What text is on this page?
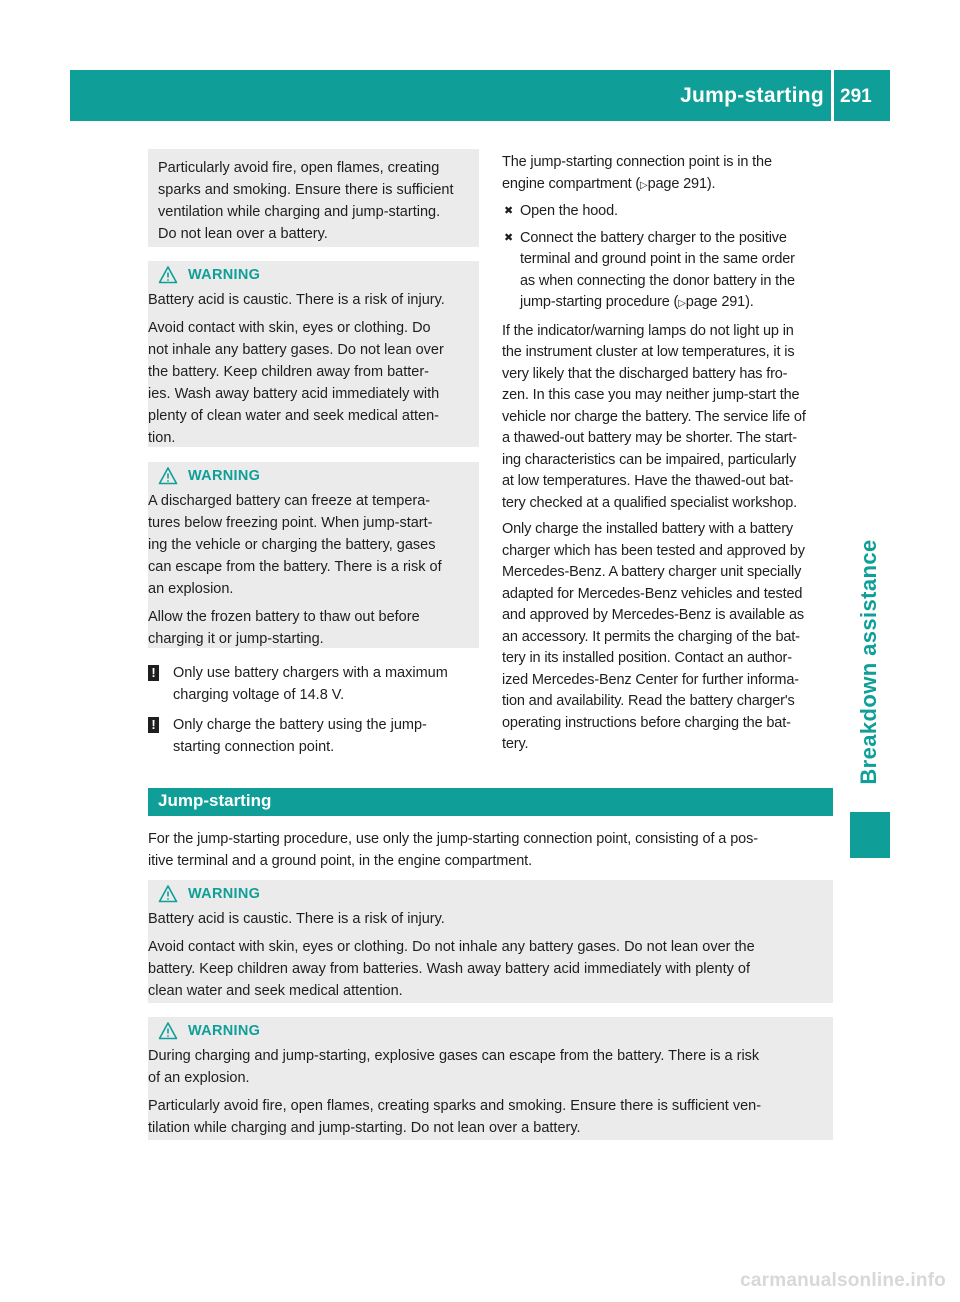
Jump-starting 291
Breakdown assistance

Particularly avoid fire, open flames, creating

sparks and smoking. Ensure there is sufficient

ventilation while charging and jump-starting.

Do not lean over a battery.

WARNING

Battery acid is caustic. There is a risk of injury.

Avoid contact with skin, eyes or clothing. Do

not inhale any battery gases. Do not lean over

the battery. Keep children away from batter-

ies. Wash away battery acid immediately with

plenty of clean water and seek medical atten-

tion.

WARNING

A discharged battery can freeze at tempera-

tures below freezing point. When jump-start-

ing the vehicle or charging the battery, gases

can escape from the battery. There is a risk of

an explosion.

Allow the frozen battery to thaw out before

charging it or jump-starting.

! Only use battery chargers with a maximum

charging voltage of 14.8 V.

! Only charge the battery using the jump-

starting connection point.

The jump-starting connection point is in the

engine compartment (▷page 291).

✖ Open the hood.

✖ Connect the battery charger to the positive

terminal and ground point in the same order

as when connecting the donor battery in the

jump-starting procedure (▷page 291).

If the indicator/warning lamps do not light up in

the instrument cluster at low temperatures, it is

very likely that the discharged battery has fro-

zen. In this case you may neither jump-start the

vehicle nor charge the battery. The service life of

a thawed-out battery may be shorter. The start-

ing characteristics can be impaired, particularly

at low temperatures. Have the thawed-out bat-

tery checked at a qualified specialist workshop.

Only charge the installed battery with a battery

charger which has been tested and approved by

Mercedes-Benz. A battery charger unit specially

adapted for Mercedes-Benz vehicles and tested

and approved by Mercedes-Benz is available as

an accessory. It permits the charging of the bat-

tery in its installed position. Contact an author-

ized Mercedes-Benz Center for further informa-

tion and availability. Read the battery charger's

operating instructions before charging the bat-

tery.

Jump-starting

For the jump-starting procedure, use only the jump-starting connection point, consisting of a pos-

itive terminal and a ground point, in the engine compartment.

WARNING

Battery acid is caustic. There is a risk of injury.

Avoid contact with skin, eyes or clothing. Do not inhale any battery gases. Do not lean over the

battery. Keep children away from batteries. Wash away battery acid immediately with plenty of

clean water and seek medical attention.

WARNING

During charging and jump-starting, explosive gases can escape from the battery. There is a risk

of an explosion.

Particularly avoid fire, open flames, creating sparks and smoking. Ensure there is sufficient ven-

tilation while charging and jump-starting. Do not lean over a battery.

carmanualsonline.info
